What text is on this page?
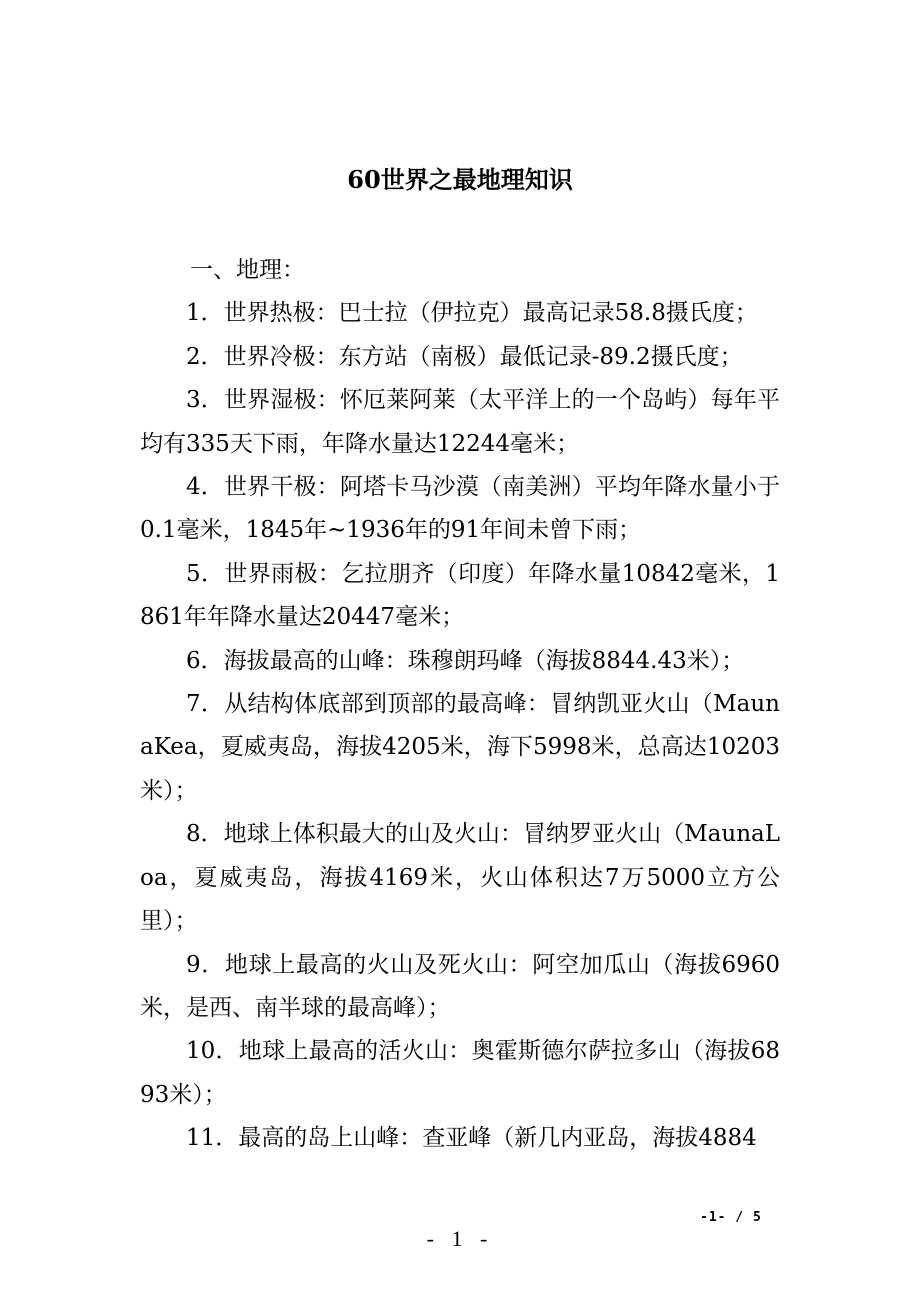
60世界之最地理知识

一、地理：

1．世界热极：巴士拉（伊拉克）最高记录58.8摄氏度；

2．世界冷极：东方站（南极）最低记录-89.2摄氏度；

3．世界湿极：怀厄莱阿莱（太平洋上的一个岛屿）每年平均有335天下雨，年降水量达12244毫米；

4．世界干极：阿塔卡马沙漠（南美洲）平均年降水量小于0.1毫米，1845年~1936年的91年间未曾下雨；

5．世界雨极：乞拉朋齐（印度）年降水量10842毫米，1861年年降水量达20447毫米；

6．海拔最高的山峰：珠穆朗玛峰（海拔8844.43米）；

7．从结构体底部到顶部的最高峰：冒纳凯亚火山（MaunaKea，夏威夷岛，海拔4205米，海下5998米，总高达10203米）；

8．地球上体积最大的山及火山：冒纳罗亚火山（MaunaLoa，夏威夷岛，海拔4169米，火山体积达7万5000立方公里）；

9．地球上最高的火山及死火山：阿空加瓜山（海拔6960米，是西、南半球的最高峰）；

10．地球上最高的活火山：奥霍斯德尔萨拉多山（海拔6893米）；

11．最高的岛上山峰：查亚峰（新几内亚岛，海拔4884

-1- / 5
- 1 -
